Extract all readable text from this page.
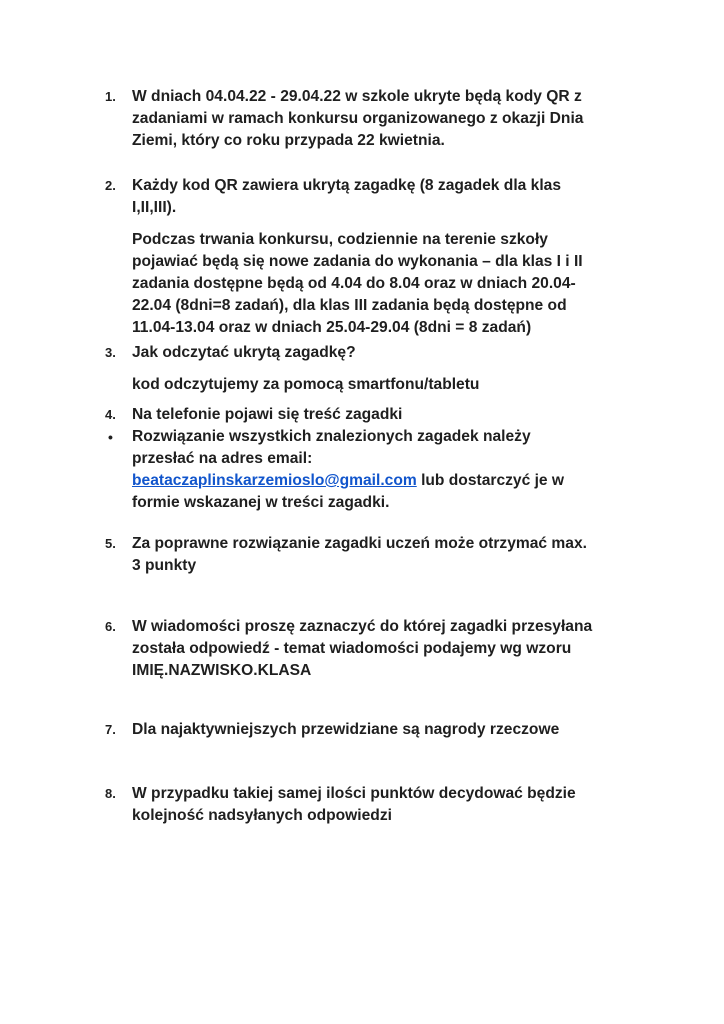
1.	W dniach 04.04.22 - 29.04.22 w szkole ukryte będą kody QR z
zadaniami w ramach konkursu organizowanego z okazji Dnia
Ziemi, który co roku przypada 22 kwietnia.
2.	Każdy kod QR zawiera ukrytą zagadkę (8 zagadek dla klas
I,II,III).
Podczas trwania konkursu, codziennie na terenie szkoły
pojawiać będą się nowe zadania do wykonania – dla klas I i II
zadania dostępne będą od 4.04 do 8.04 oraz w dniach 20.04-
22.04 (8dni=8 zadań), dla klas III zadania będą dostępne od
11.04-13.04 oraz w dniach 25.04-29.04 (8dni = 8 zadań)
3.	Jak odczytać ukrytą zagadkę?
kod odczytujemy za pomocą smartfonu/tabletu
4.	Na telefonie pojawi się treść zagadki
•	Rozwiązanie wszystkich znalezionych zagadek należy
przesłać na adres email:
beataczaplinskarzemioslo@gmail.com lub dostarczyć je w
formie wskazanej w treści zagadki.
5.	Za poprawne rozwiązanie zagadki uczeń może otrzymać max.
3 punkty
6.	W wiadomości proszę zaznaczyć do której zagadki przesyłana
została odpowiedź - temat wiadomości podajemy wg wzoru
IMIĘ.NAZWISKO.KLASA
7.	Dla najaktywniejszych przewidziane są nagrody rzeczowe
8.	W przypadku takiej samej ilości punktów decydować będzie
kolejność nadsyłanych odpowiedzi
